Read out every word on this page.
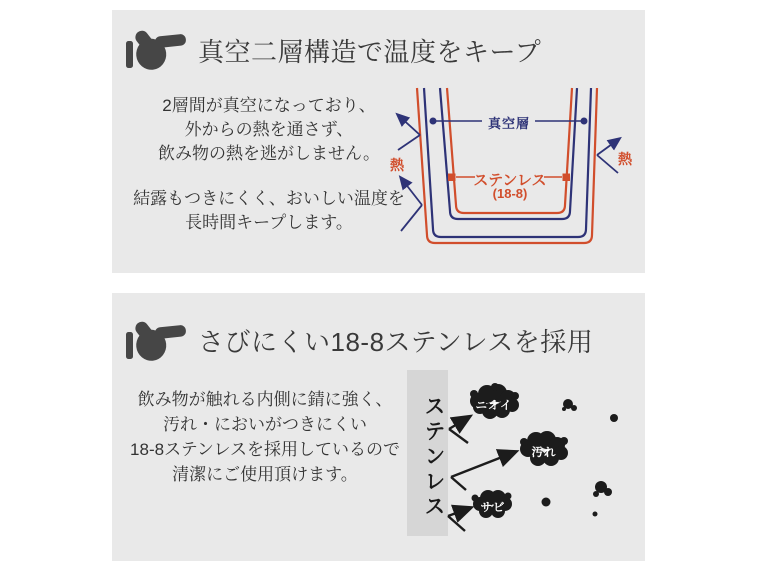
真空二層構造で温度をキープ
2層間が真空になっており、
外からの熱を通さず、
飲み物の熱を逃がしません。
結露もつきにくく、おいしい温度を
長時間キープします。
真空層
ステンレス
(18-8)
熱	熱
さびにくい18-8ステンレスを採用
飲み物が触れる内側に錆に強く、
汚れ・においがつきにくい
18-8ステンレスを採用しているので
清潔にご使用頂けます。	ステンレス	ニオイ
汚れ
サビ
